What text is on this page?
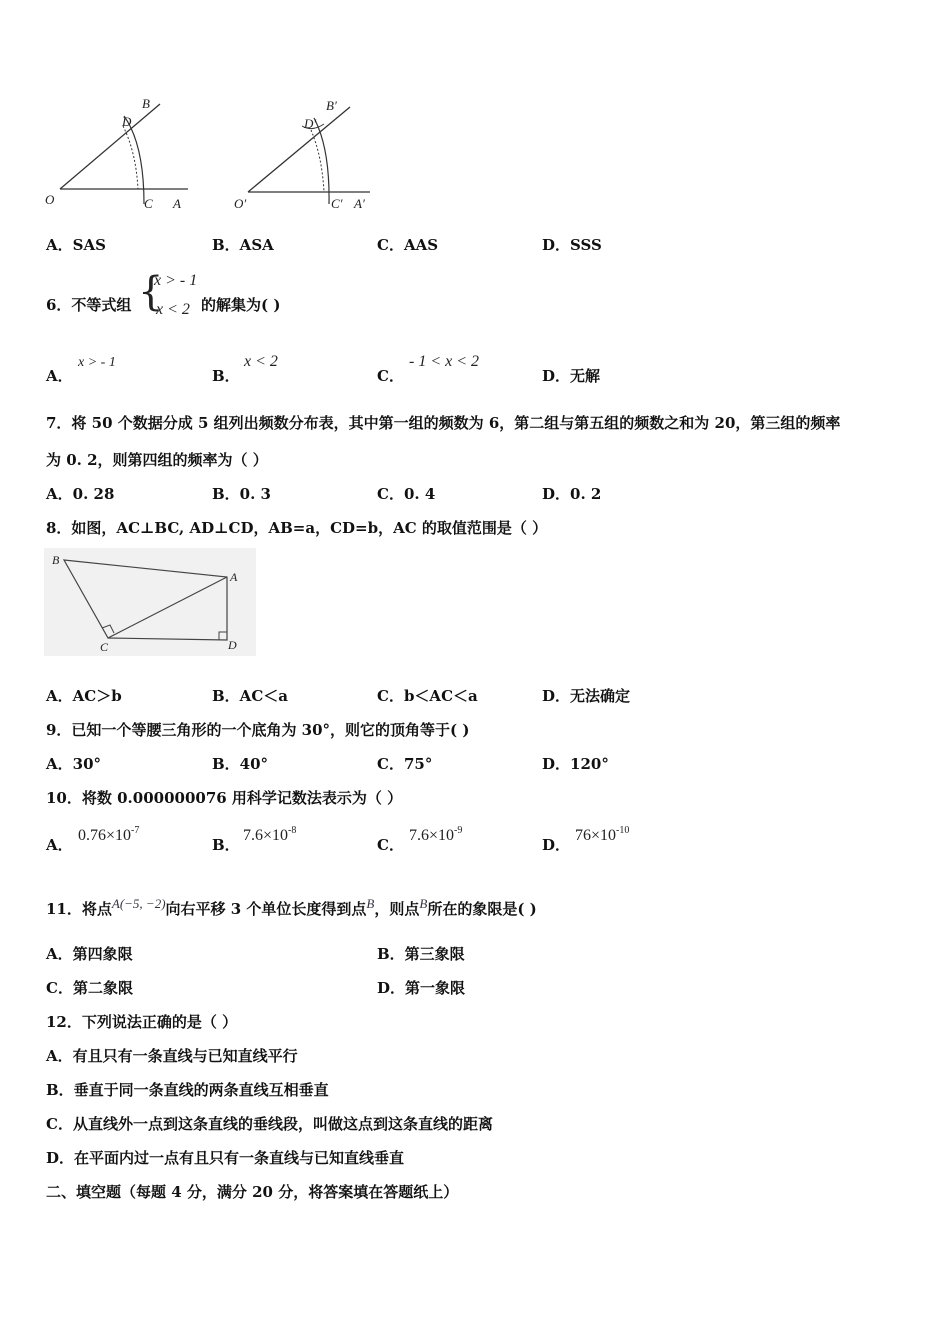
O	A
B
C
D
O′	A′
B′
C′
D′
A．SAS	B．ASA	C．AAS	D．SSS
6．不等式组 {
x > - 1
x < 2 的解集为( )
A．
x > - 1
B．
x < 2
C．
- 1 < x < 2
D．无解
7．将 50 个数据分成 5 组列出频数分布表，其中第一组的频数为 6，第二组与第五组的频数之和为 20，第三组的频率
为 0. 2，则第四组的频率为（ ）
A．0. 28	B．0. 3	C．0. 4	D．0. 2
8．如图，AC⊥BC, AD⊥CD，AB=a，CD=b，AC 的取值范围是（ ）
B
A
C	D
A．AC＞b	B．AC＜a	C．b＜AC＜a	D．无法确定
9．已知一个等腰三角形的一个底角为 30°，则它的顶角等于( )
A．30°	B．40°	C．75°	D．120°
10．将数 0.000000076 用科学记数法表示为（ ）
A．
$0.76\times 10^{-7}$
B．
$7.6\times 10^{-8}$
C．
$7.6\times 10^{-9}$
D．
$76\times 10^{-10}$
11．将点A(−5, −2)向右平移 3 个单位长度得到点B，则点B所在的象限是( )
A．第四象限	B．第三象限
C．第二象限	D．第一象限
12．下列说法正确的是（ ）
A．有且只有一条直线与已知直线平行
B．垂直于同一条直线的两条直线互相垂直
C．从直线外一点到这条直线的垂线段，叫做这点到这条直线的距离
D．在平面内过一点有且只有一条直线与已知直线垂直
二、填空题（每题 4 分，满分 20 分，将答案填在答题纸上）
